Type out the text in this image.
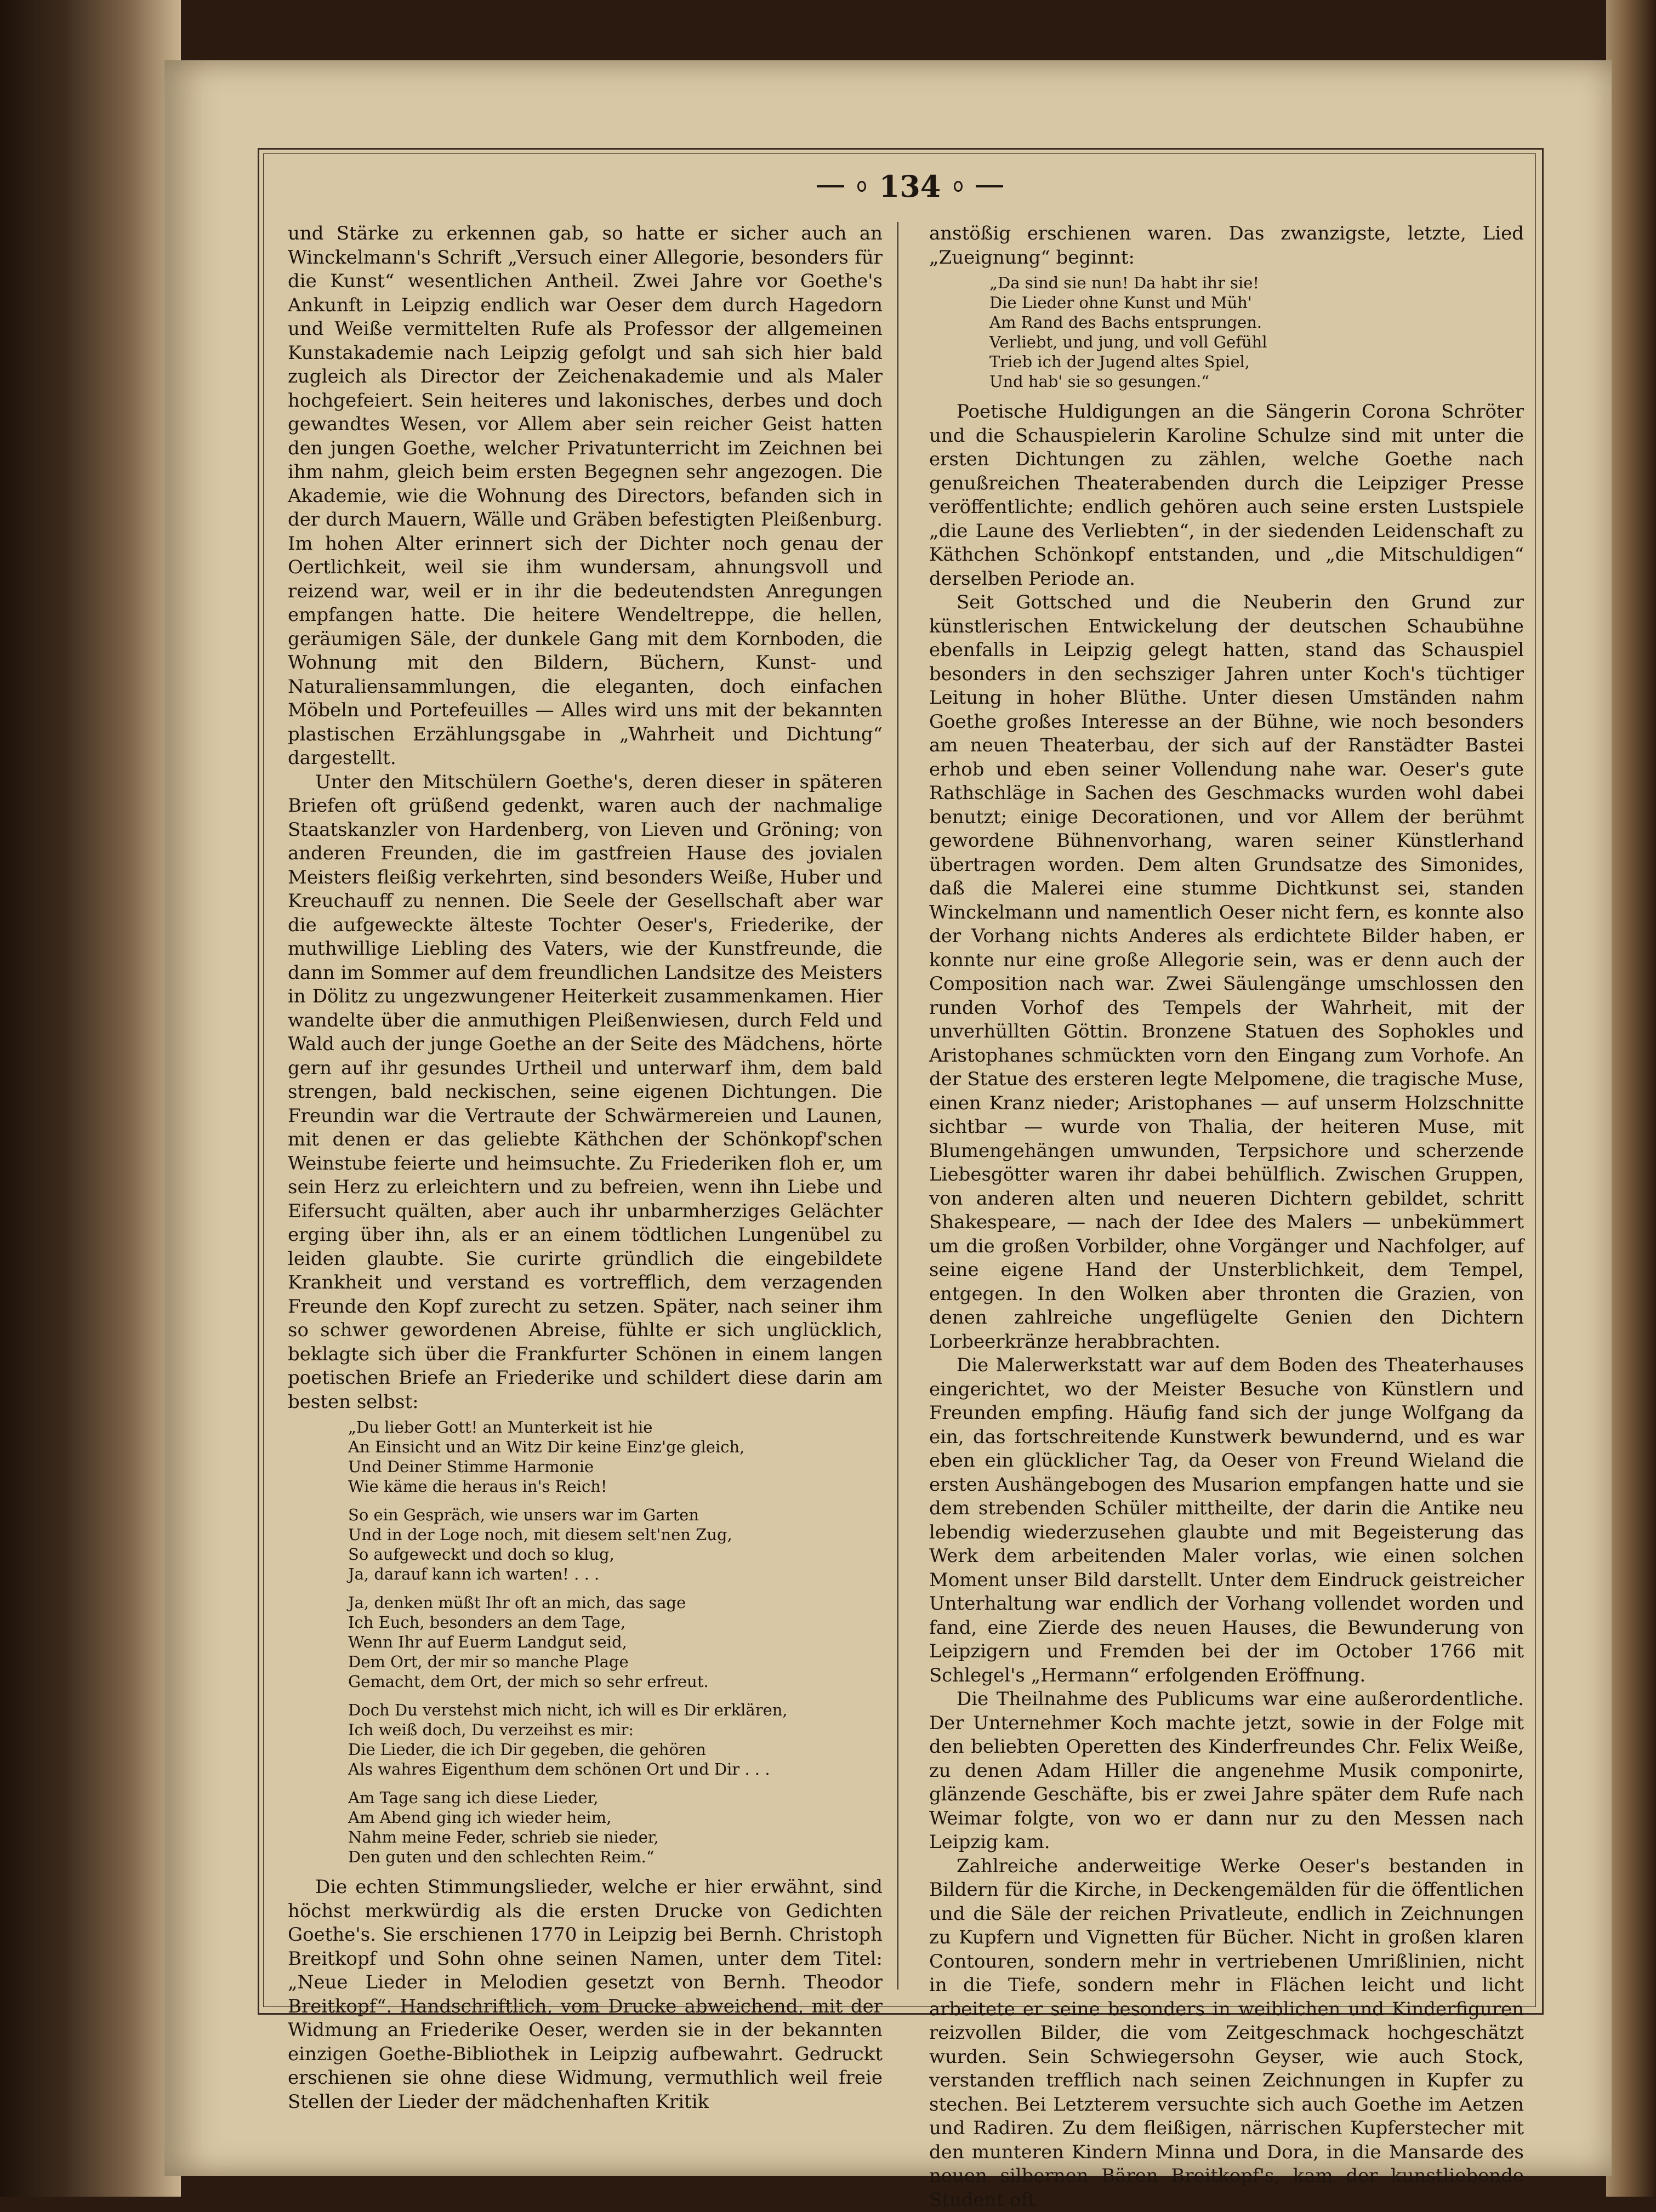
134

und Stärke zu erkennen gab, so hatte er sicher auch an Winckelmann's Schrift „Versuch einer Allegorie, besonders für die Kunst“ wesentlichen Antheil. Zwei Jahre vor Goethe's Ankunft in Leipzig endlich war Oeser dem durch Hagedorn und Weiße vermittelten Rufe als Professor der allgemeinen Kunstakademie nach Leipzig gefolgt und sah sich hier bald zugleich als Director der Zeichenakademie und als Maler hochgefeiert. Sein heiteres und lakonisches, derbes und doch gewandtes Wesen, vor Allem aber sein reicher Geist hatten den jungen Goethe, welcher Privatunterricht im Zeichnen bei ihm nahm, gleich beim ersten Begegnen sehr angezogen. Die Akademie, wie die Wohnung des Directors, befanden sich in der durch Mauern, Wälle und Gräben befestigten Pleißenburg. Im hohen Alter erinnert sich der Dichter noch genau der Oertlichkeit, weil sie ihm wundersam, ahnungsvoll und reizend war, weil er in ihr die bedeutendsten Anregungen empfangen hatte. Die heitere Wendeltreppe, die hellen, geräumigen Säle, der dunkele Gang mit dem Kornboden, die Wohnung mit den Bildern, Büchern, Kunst- und Naturaliensammlungen, die eleganten, doch einfachen Möbeln und Portefeuilles — Alles wird uns mit der bekannten plastischen Erzählungsgabe in „Wahrheit und Dichtung“ dargestellt.

Unter den Mitschülern Goethe's, deren dieser in späteren Briefen oft grüßend gedenkt, waren auch der nachmalige Staatskanzler von Hardenberg, von Lieven und Gröning; von anderen Freunden, die im gastfreien Hause des jovialen Meisters fleißig verkehrten, sind besonders Weiße, Huber und Kreuchauff zu nennen. Die Seele der Gesellschaft aber war die aufgeweckte älteste Tochter Oeser's, Friederike, der muthwillige Liebling des Vaters, wie der Kunstfreunde, die dann im Sommer auf dem freundlichen Landsitze des Meisters in Dölitz zu ungezwungener Heiterkeit zusammenkamen. Hier wandelte über die anmuthigen Pleißenwiesen, durch Feld und Wald auch der junge Goethe an der Seite des Mädchens, hörte gern auf ihr gesundes Urtheil und unterwarf ihm, dem bald strengen, bald neckischen, seine eigenen Dichtungen. Die Freundin war die Vertraute der Schwärmereien und Launen, mit denen er das geliebte Käthchen der Schönkopf'schen Weinstube feierte und heimsuchte. Zu Friederiken floh er, um sein Herz zu erleichtern und zu befreien, wenn ihn Liebe und Eifersucht quälten, aber auch ihr unbarmherziges Gelächter erging über ihn, als er an einem tödtlichen Lungenübel zu leiden glaubte. Sie curirte gründlich die eingebildete Krankheit und verstand es vortrefflich, dem verzagenden Freunde den Kopf zurecht zu setzen. Später, nach seiner ihm so schwer gewordenen Abreise, fühlte er sich unglücklich, beklagte sich über die Frankfurter Schönen in einem langen poetischen Briefe an Friederike und schildert diese darin am besten selbst:

„Du lieber Gott! an Munterkeit ist hie
An Einsicht und an Witz Dir keine Einz'ge gleich,
Und Deiner Stimme Harmonie
Wie käme die heraus in's Reich!
So ein Gespräch, wie unsers war im Garten
Und in der Loge noch, mit diesem selt'nen Zug,
So aufgeweckt und doch so klug,
Ja, darauf kann ich warten! . . .
Ja, denken müßt Ihr oft an mich, das sage
Ich Euch, besonders an dem Tage,
Wenn Ihr auf Euerm Landgut seid,
Dem Ort, der mir so manche Plage
Gemacht, dem Ort, der mich so sehr erfreut.
Doch Du verstehst mich nicht, ich will es Dir erklären,
Ich weiß doch, Du verzeihst es mir:
Die Lieder, die ich Dir gegeben, die gehören
Als wahres Eigenthum dem schönen Ort und Dir . . .
Am Tage sang ich diese Lieder,
Am Abend ging ich wieder heim,
Nahm meine Feder, schrieb sie nieder,
Den guten und den schlechten Reim.“

Die echten Stimmungslieder, welche er hier erwähnt, sind höchst merkwürdig als die ersten Drucke von Gedichten Goethe's. Sie erschienen 1770 in Leipzig bei Bernh. Christoph Breitkopf und Sohn ohne seinen Namen, unter dem Titel: „Neue Lieder in Melodien gesetzt von Bernh. Theodor Breitkopf“. Handschriftlich, vom Drucke abweichend, mit der Widmung an Friederike Oeser, werden sie in der bekannten einzigen Goethe-Bibliothek in Leipzig aufbewahrt. Gedruckt erschienen sie ohne diese Widmung, vermuthlich weil freie Stellen der Lieder der mädchenhaften Kritik

anstößig erschienen waren. Das zwanzigste, letzte, Lied „Zueignung“ beginnt:

„Da sind sie nun! Da habt ihr sie!
Die Lieder ohne Kunst und Müh'
Am Rand des Bachs entsprungen.
Verliebt, und jung, und voll Gefühl
Trieb ich der Jugend altes Spiel,
Und hab' sie so gesungen.“

Poetische Huldigungen an die Sängerin Corona Schröter und die Schauspielerin Karoline Schulze sind mit unter die ersten Dichtungen zu zählen, welche Goethe nach genußreichen Theaterabenden durch die Leipziger Presse veröffentlichte; endlich gehören auch seine ersten Lustspiele „die Laune des Verliebten“, in der siedenden Leidenschaft zu Käthchen Schönkopf entstanden, und „die Mitschuldigen“ derselben Periode an.

Seit Gottsched und die Neuberin den Grund zur künstlerischen Entwickelung der deutschen Schaubühne ebenfalls in Leipzig gelegt hatten, stand das Schauspiel besonders in den sechsziger Jahren unter Koch's tüchtiger Leitung in hoher Blüthe. Unter diesen Umständen nahm Goethe großes Interesse an der Bühne, wie noch besonders am neuen Theaterbau, der sich auf der Ranstädter Bastei erhob und eben seiner Vollendung nahe war. Oeser's gute Rathschläge in Sachen des Geschmacks wurden wohl dabei benutzt; einige Decorationen, und vor Allem der berühmt gewordene Bühnenvorhang, waren seiner Künstlerhand übertragen worden. Dem alten Grundsatze des Simonides, daß die Malerei eine stumme Dichtkunst sei, standen Winckelmann und namentlich Oeser nicht fern, es konnte also der Vorhang nichts Anderes als erdichtete Bilder haben, er konnte nur eine große Allegorie sein, was er denn auch der Composition nach war. Zwei Säulengänge umschlossen den runden Vorhof des Tempels der Wahrheit, mit der unverhüllten Göttin. Bronzene Statuen des Sophokles und Aristophanes schmückten vorn den Eingang zum Vorhofe. An der Statue des ersteren legte Melpomene, die tragische Muse, einen Kranz nieder; Aristophanes — auf unserm Holzschnitte sichtbar — wurde von Thalia, der heiteren Muse, mit Blumengehängen umwunden, Terpsichore und scherzende Liebesgötter waren ihr dabei behülflich. Zwischen Gruppen, von anderen alten und neueren Dichtern gebildet, schritt Shakespeare, — nach der Idee des Malers — unbekümmert um die großen Vorbilder, ohne Vorgänger und Nachfolger, auf seine eigene Hand der Unsterblichkeit, dem Tempel, entgegen. In den Wolken aber thronten die Grazien, von denen zahlreiche ungeflügelte Genien den Dichtern Lorbeerkränze herabbrachten.

Die Malerwerkstatt war auf dem Boden des Theaterhauses eingerichtet, wo der Meister Besuche von Künstlern und Freunden empfing. Häufig fand sich der junge Wolfgang da ein, das fortschreitende Kunstwerk bewundernd, und es war eben ein glücklicher Tag, da Oeser von Freund Wieland die ersten Aushängebogen des Musarion empfangen hatte und sie dem strebenden Schüler mittheilte, der darin die Antike neu lebendig wiederzusehen glaubte und mit Begeisterung das Werk dem arbeitenden Maler vorlas, wie einen solchen Moment unser Bild darstellt. Unter dem Eindruck geistreicher Unterhaltung war endlich der Vorhang vollendet worden und fand, eine Zierde des neuen Hauses, die Bewunderung von Leipzigern und Fremden bei der im October 1766 mit Schlegel's „Hermann“ erfolgenden Eröffnung.

Die Theilnahme des Publicums war eine außerordentliche. Der Unternehmer Koch machte jetzt, sowie in der Folge mit den beliebten Operetten des Kinderfreundes Chr. Felix Weiße, zu denen Adam Hiller die angenehme Musik componirte, glänzende Geschäfte, bis er zwei Jahre später dem Rufe nach Weimar folgte, von wo er dann nur zu den Messen nach Leipzig kam.

Zahlreiche anderweitige Werke Oeser's bestanden in Bildern für die Kirche, in Deckengemälden für die öffentlichen und die Säle der reichen Privatleute, endlich in Zeichnungen zu Kupfern und Vignetten für Bücher. Nicht in großen klaren Contouren, sondern mehr in vertriebenen Umrißlinien, nicht in die Tiefe, sondern mehr in Flächen leicht und licht arbeitete er seine besonders in weiblichen und Kinderfiguren reizvollen Bilder, die vom Zeitgeschmack hochgeschätzt wurden. Sein Schwiegersohn Geyser, wie auch Stock, verstanden trefflich nach seinen Zeichnungen in Kupfer zu stechen. Bei Letzterem versuchte sich auch Goethe im Aetzen und Radiren. Zu dem fleißigen, närrischen Kupferstecher mit den munteren Kindern Minna und Dora, in die Mansarde des neuen silbernen Bären Breitkopf's, kam der kunstliebende Student oft
